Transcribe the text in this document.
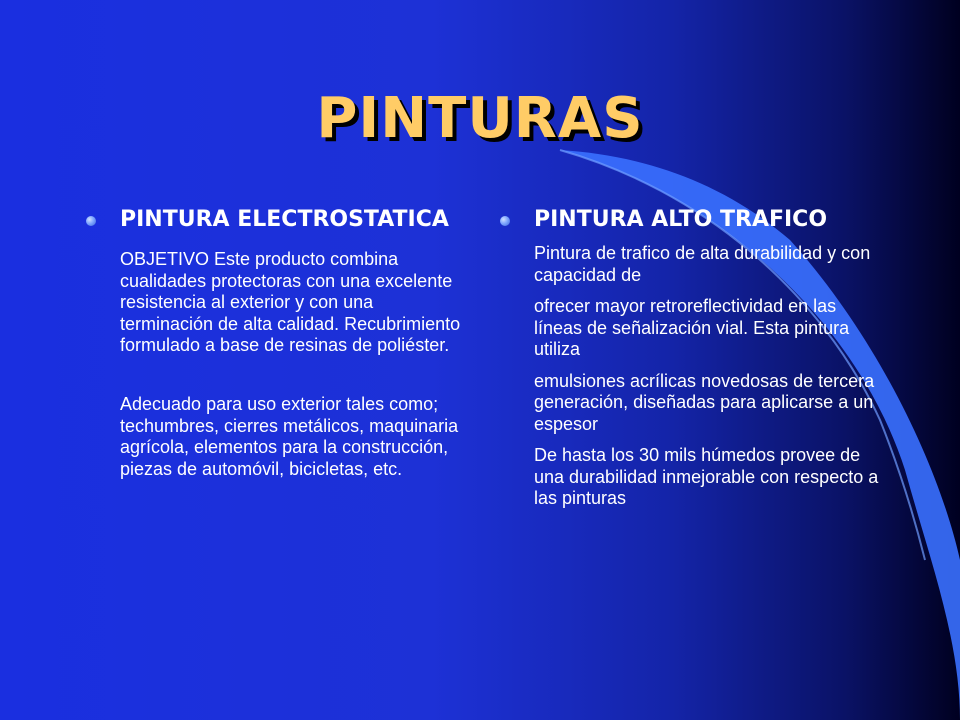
PINTURAS

PINTURA ELECTROSTATICA

OBJETIVO Este producto combina cualidades protectoras con una excelente resistencia al exterior y con una terminación de alta calidad. Recubrimiento formulado a base de resinas de poliéster.

Adecuado para uso exterior tales como; techumbres, cierres metálicos, maquinaria agrícola, elementos para la construcción, piezas de automóvil, bicicletas, etc.

PINTURA ALTO TRAFICO

Pintura de trafico de alta durabilidad y con capacidad de

ofrecer mayor retroreflectividad en las líneas de señalización vial. Esta pintura utiliza

emulsiones acrílicas novedosas de tercera generación, diseñadas para aplicarse a un espesor

De hasta los 30 mils húmedos provee de una durabilidad inmejorable con respecto a las pinturas
